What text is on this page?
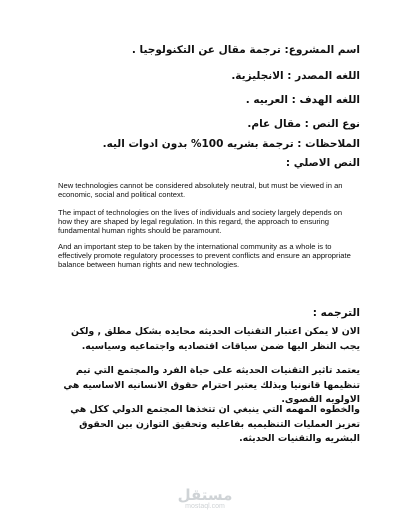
اسم المشروع: ترجمة مقال عن التكنولوجيا .
اللغه المصدر : الانجليزية.
اللغه الهدف : العربيه .
نوع النص : مقال عام.
الملاحظات : ترجمة بشريه 100% بدون ادوات اليه.
النص الاصلي :

New technologies cannot be considered absolutely neutral, but must be viewed in an economic, social and political context.

The impact of technologies on the lives of individuals and society largely depends on how they are shaped by legal regulation. In this regard, the approach to ensuring fundamental human rights should be paramount.

And an important step to be taken by the international community as a whole is to effectively promote regulatory processes to prevent conflicts and ensure an appropriate balance between human rights and new technologies.

الترجمه :

الان لا يمكن اعتبار التقنيات الحديثه محايده بشكل مطلق , ولكن يجب النظر اليها ضمن سياقات اقتصاديه واجتماعيه وسياسيه.

يعتمد تاثير التقنيات الحديثه على حياة الفرد والمجتمع التي تيم تنظيمها قانونيا وبذلك يعتبر احترام حقوق الانسانيه الاساسيه هي الاولويه القصوى.

والخطوه المهمه التي ينبغي ان تتخذها المجتمع الدولي ككل هي تعزيز العمليات التنظيميه بفاعليه وتحقيق التوازن بين الحقوق البشريه والتقنيات الحديثه.

مستقل
mostaql.com
